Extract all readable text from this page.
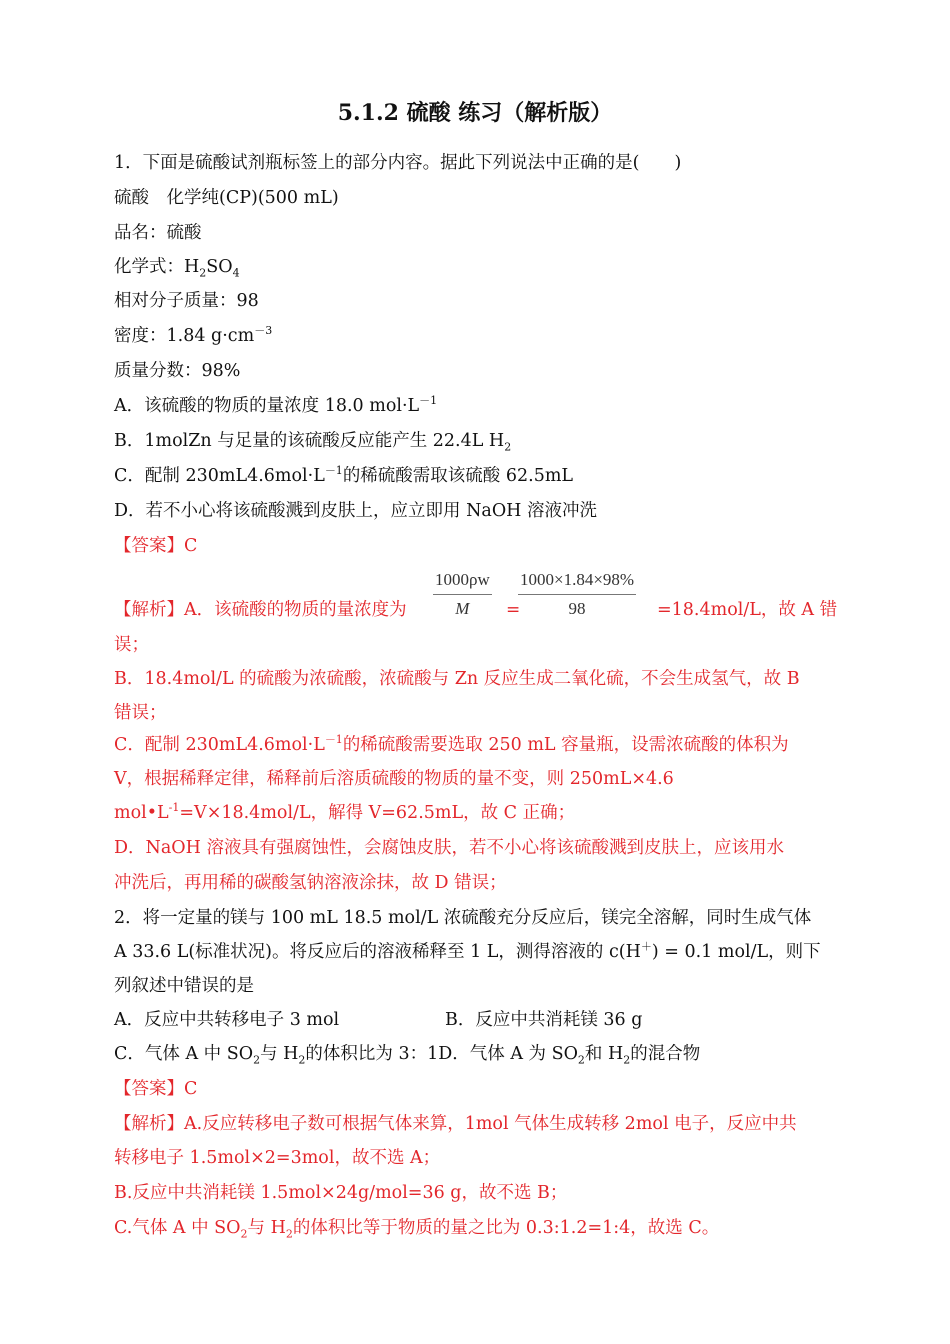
5.1.2 硫酸 练习（解析版）
1．下面是硫酸试剂瓶标签上的部分内容。据此下列说法中正确的是(　　)
硫酸　化学纯(CP)(500 mL)
品名：硫酸
化学式：$H_2SO_4$
相对分子质量：98
密度：1.84 $g\cdot cm^{-3}$
质量分数：98%
A．该硫酸的物质的量浓度 18.0 $mol\cdot L^{-1}$
B．1molZn 与足量的该硫酸反应能产生 22.4L $H_2$
C．配制 $230mL4.6mol\cdot L^{-1}$的稀硫酸需取该硫酸 62.5mL
D．若不小心将该硫酸溅到皮肤上，应立即用 NaOH 溶液冲洗
【答案】C
【解析】A．该硫酸的物质的量浓度为
误；
B．18.4mol/L 的硫酸为浓硫酸，浓硫酸与 Zn 反应生成二氧化硫，不会生成氢气，故 B
错误；
C．配制 $230mL4.6mol\cdot L^{-1}$的稀硫酸需要选取 250 mL 容量瓶，设需浓硫酸的体积为
V，根据稀释定律，稀释前后溶质硫酸的物质的量不变，则 250mL×4.6
$mol•L^{-1}=V\times 18.4mol/L$，解得 V=62.5mL，故 C 正确；
D．NaOH 溶液具有强腐蚀性，会腐蚀皮肤，若不小心将该硫酸溅到皮肤上，应该用水
冲洗后，再用稀的碳酸氢钠溶液涂抹，故 D 错误；
2．将一定量的镁与 100 mL 18.5 mol/L 浓硫酸充分反应后，镁完全溶解，同时生成气体
A 33.6 L(标准状况)。将反应后的溶液稀释至 1 L，测得溶液的 c(H＋) = 0.1 mol/L，则下
列叙述中错误的是
A．反应中共转移电子 3 mol	B．反应中共消耗镁 36 g
C．气体 A 中 $SO_2$与 $H_2$的体积比为 3：1D．气体 A 为 $SO_2$和 $H_2$的混合物
【答案】C
【解析】A.反应转移电子数可根据气体来算，1mol 气体生成转移 2mol 电子，反应中共
转移电子 1.5mol×2=3mol，故不选 A；
B.反应中共消耗镁 1.5mol×24g/mol=36 g，故不选 B；
C.气体 A 中 $SO_2$与 $H_2$的体积比等于物质的量之比为 0.3:1.2=1:4，故选 C。
$\frac{1000\rho w}{M}$ =
$\frac{1000\times 1.84\times 98\%}{98} =18.4mol/L$，故 A 错
